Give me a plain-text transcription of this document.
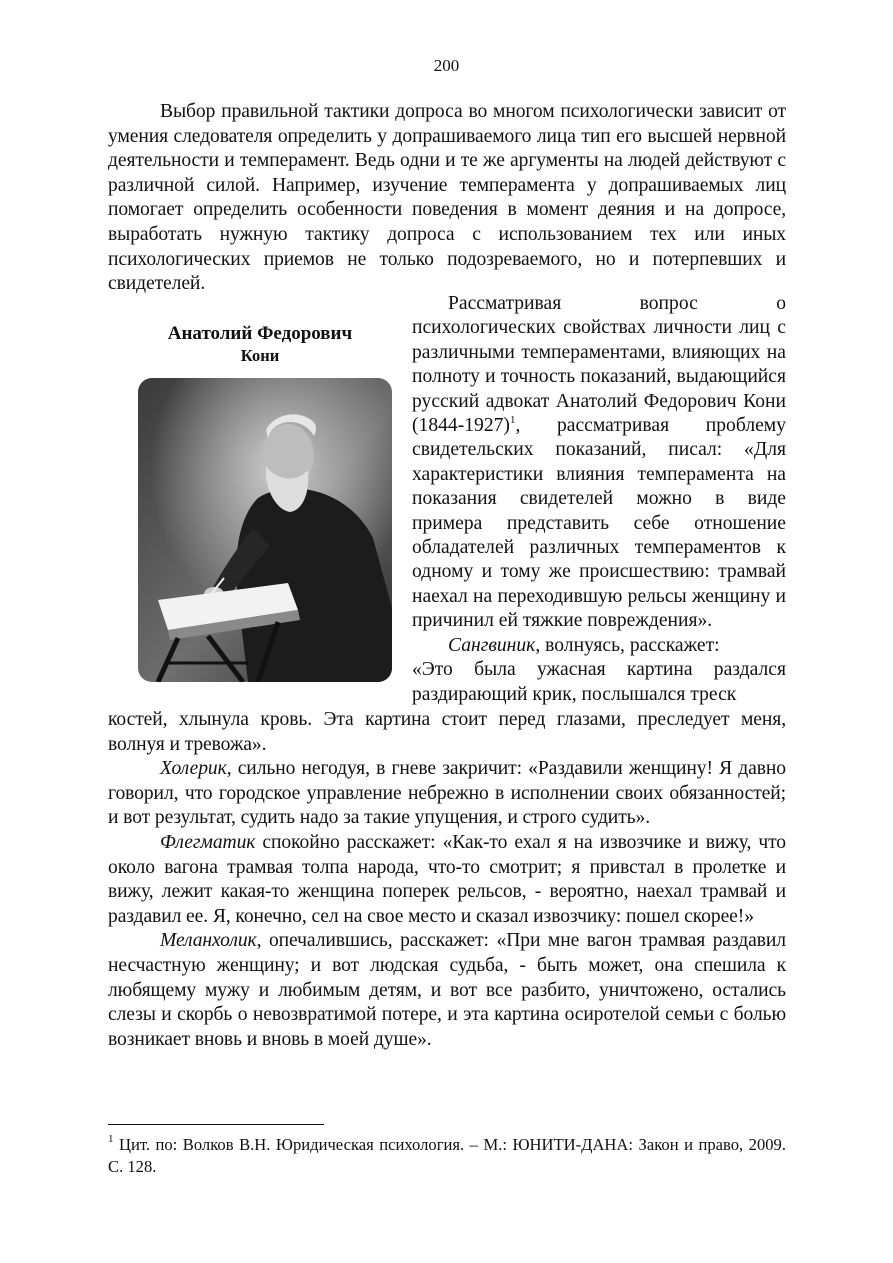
200

Выбор правильной тактики допроса во многом психологически зависит от умения следователя определить у допрашиваемого лица тип его высшей нервной деятельности и темперамент. Ведь одни и те же аргументы на людей действуют с различной силой. Например, изучение темперамента у допрашиваемых лиц помогает определить особенности поведения в момент деяния и на допросе, выработать нужную тактику допроса с использованием тех или иных психологических приемов не только подозреваемого, но и потерпевших и свидетелей.

Анатолий Федорович
Кони

Рассматривая вопрос о психологических свойствах личности лиц с различными темпераментами, влияющих на полноту и точность показаний, выдающийся русский адвокат Анатолий Федорович Кони (1844-1927)$^1$, рассматривая проблему свидетельских показаний, писал: «Для характеристики влияния темперамента на показания свидетелей можно в виде примера представить себе отношение обладателей различных темпераментов к одному и тому же происшествию: трамвай наехал на переходившую рельсы женщину и причинил ей тяжкие повреждения».

Сангвиник, волнуясь, расскажет:

«Это была ужасная картина раздался раздирающий крик, послышался треск

костей, хлынула кровь. Эта картина стоит перед глазами, преследует меня, волнуя и тревожа».

Холерик, сильно негодуя, в гневе закричит: «Раздавили женщину! Я давно говорил, что городское управление небрежно в исполнении своих обязанностей; и вот результат, судить надо за такие упущения, и строго судить».

Флегматик спокойно расскажет: «Как-то ехал я на извозчике и вижу, что около вагона трамвая толпа народа, что-то смотрит; я привстал в пролетке и вижу, лежит какая-то женщина поперек рельсов, - вероятно, наехал трамвай и раздавил ее. Я, конечно, сел на свое место и сказал извозчику: пошел скорее!»

Меланхолик, опечалившись, расскажет: «При мне вагон трамвая раздавил несчастную женщину; и вот людская судьба, - быть может, она спешила к любящему мужу и любимым детям, и вот все разбито, уничтожено, остались слезы и скорбь о невозвратимой потере, и эта картина осиротелой семьи с болью возникает вновь и вновь в моей душе».

$^1$ Цит. по: Волков В.Н. Юридическая психология. – М.: ЮНИТИ-ДАНА: Закон и право, 2009. С. 128.
